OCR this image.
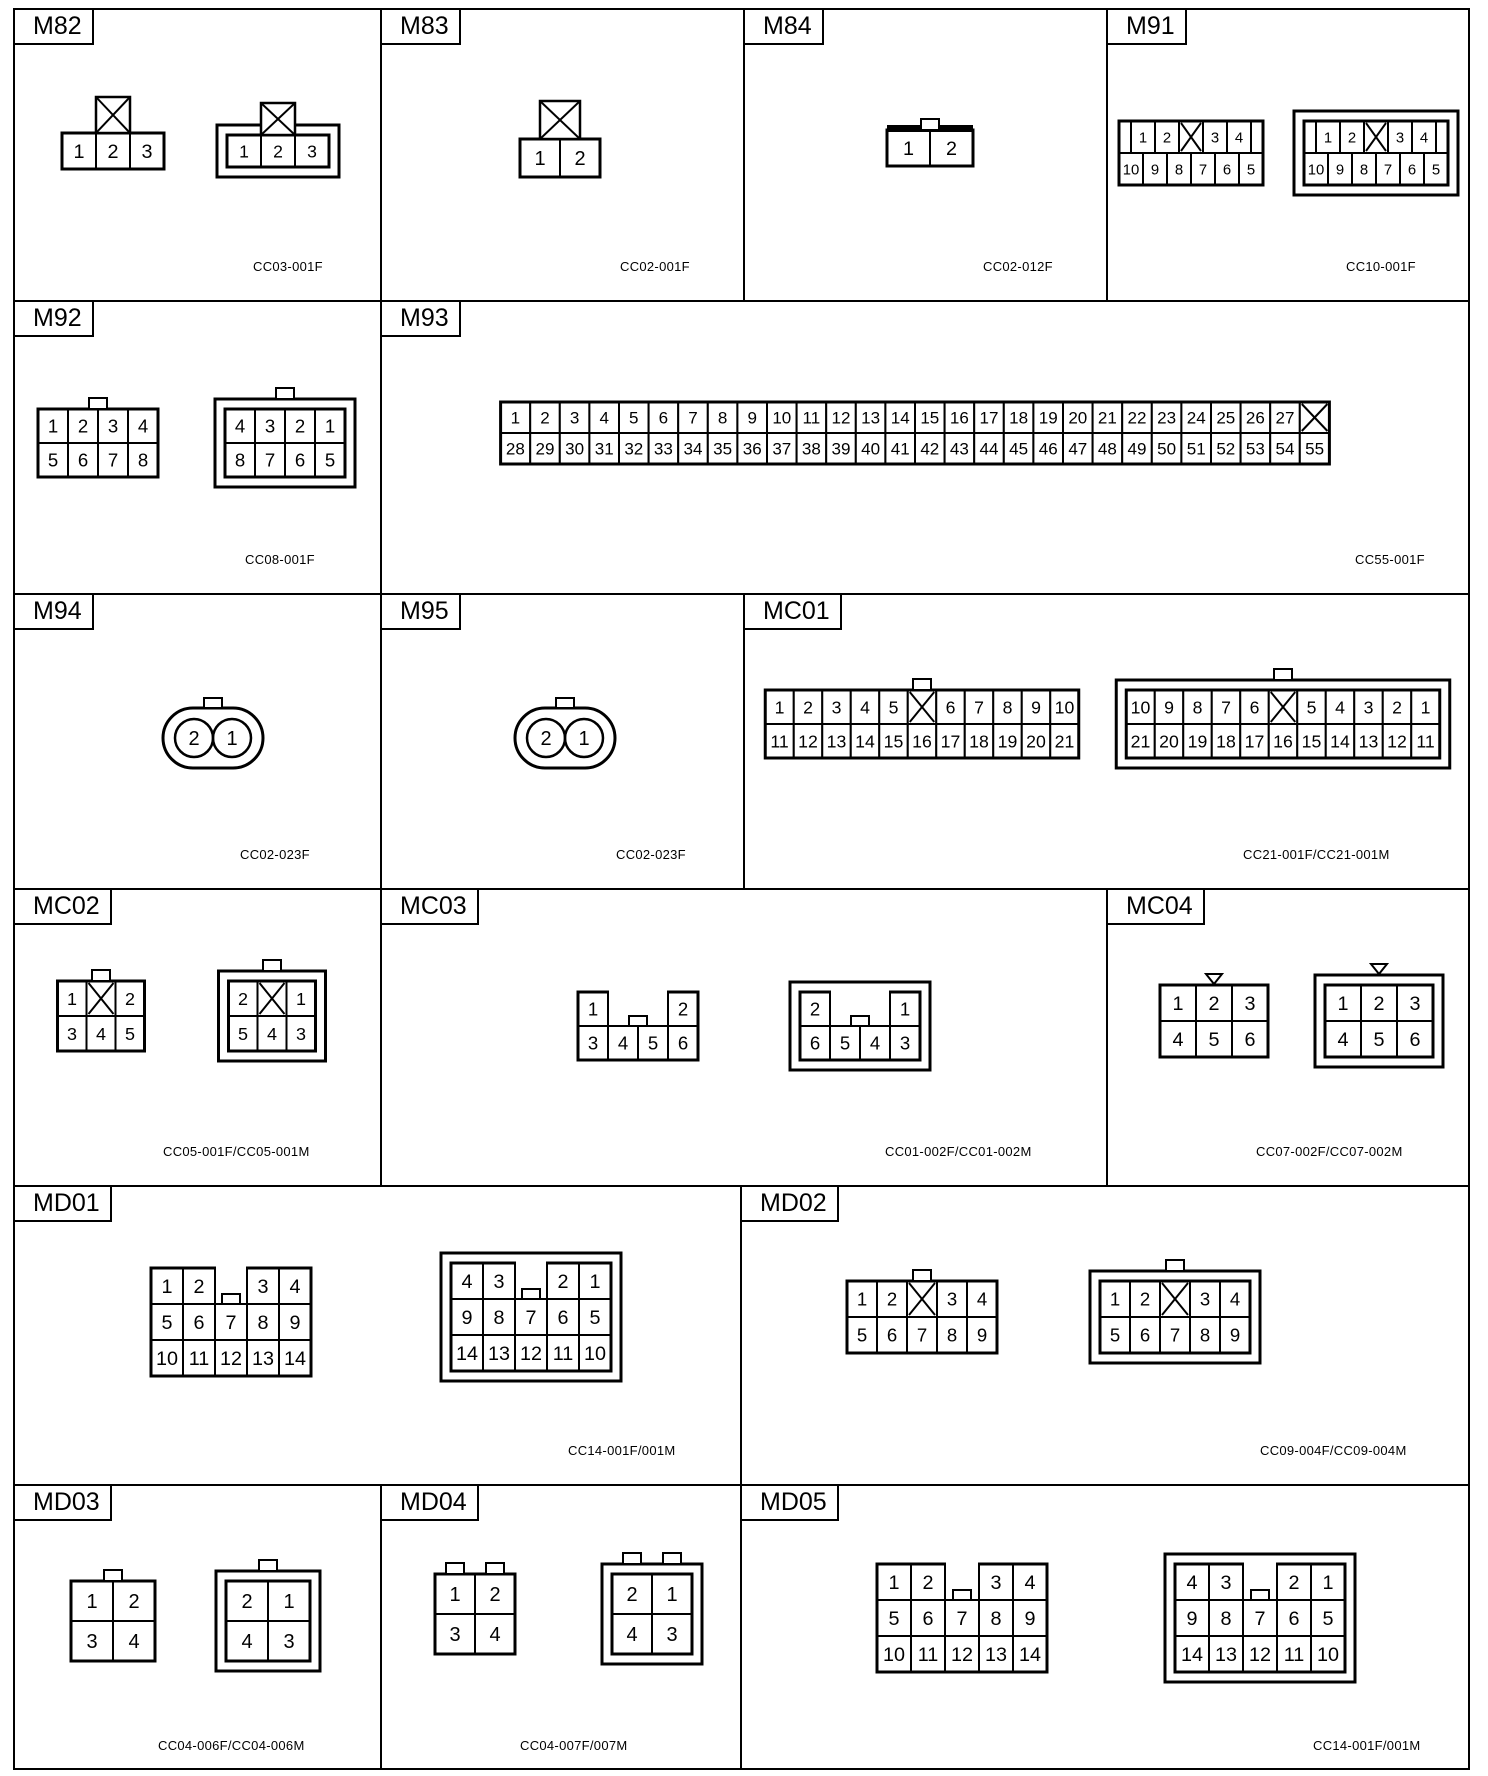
M82
CC03-001F
1 2 3	1 2 3
M83
CC02-001F
1 2
M84
CC02-012F
1 2
M91
CC10-001F
1 2	3 4
10 9 8 7 6 5
1 2	3 4
10 9 8 7 6 5
M92
CC08-001F
1 2 3 4
5 6 7 8
4 3 2 1
8 7 6 5
M93
CC55-001F
1 2 3 4 5 6 7 8 9 10 11 12 13 14 15 16 17 18 19 20 21 22 23 24 25 26 27
28 29 30 31 32 33 34 35 36 37 38 39 40 41 42 43 44 45 46 47 48 49 50 51 52 53 54 55
M94
CC02-023F
2 1
M95
CC02-023F
2 1
MC01
CC21-001F/CC21-001M
1 2 3 4 5	6 7 8 9 10
11 12 13 14 15 16 17 18 19 20 21
10 9 8 7 6	5 4 3 2 1
21 20 19 18 17 16 15 14 13 12 11
MC02
CC05-001F/CC05-001M
1	2
3 4 5
2	1
5 4 3
MC03
CC01-002F/CC01-002M
1	2
3 4 5 6
2	1
6 5 4 3
MC04
CC07-002F/CC07-002M
1 2 3
4 5 6
1 2 3
4 5 6
MD01
CC14-001F/001M
1 2	3 4
5 6 7 8 9
10 11 12 13 14
4 3	2 1
9 8 7 6 5
14 13 12 11 10
MD02
CC09-004F/CC09-004M
1 2	3 4
5 6 7 8 9
1 2	3 4
5 6 7 8 9
MD03
CC04-006F/CC04-006M
1 2
3 4
2 1
4 3
MD04
CC04-007F/007M
1 2
3 4
2 1
4 3
MD05
CC14-001F/001M
1 2	3 4
5 6 7 8 9
10 11 12 13 14
4 3	2 1
9 8 7 6 5
14 13 12 11 10
